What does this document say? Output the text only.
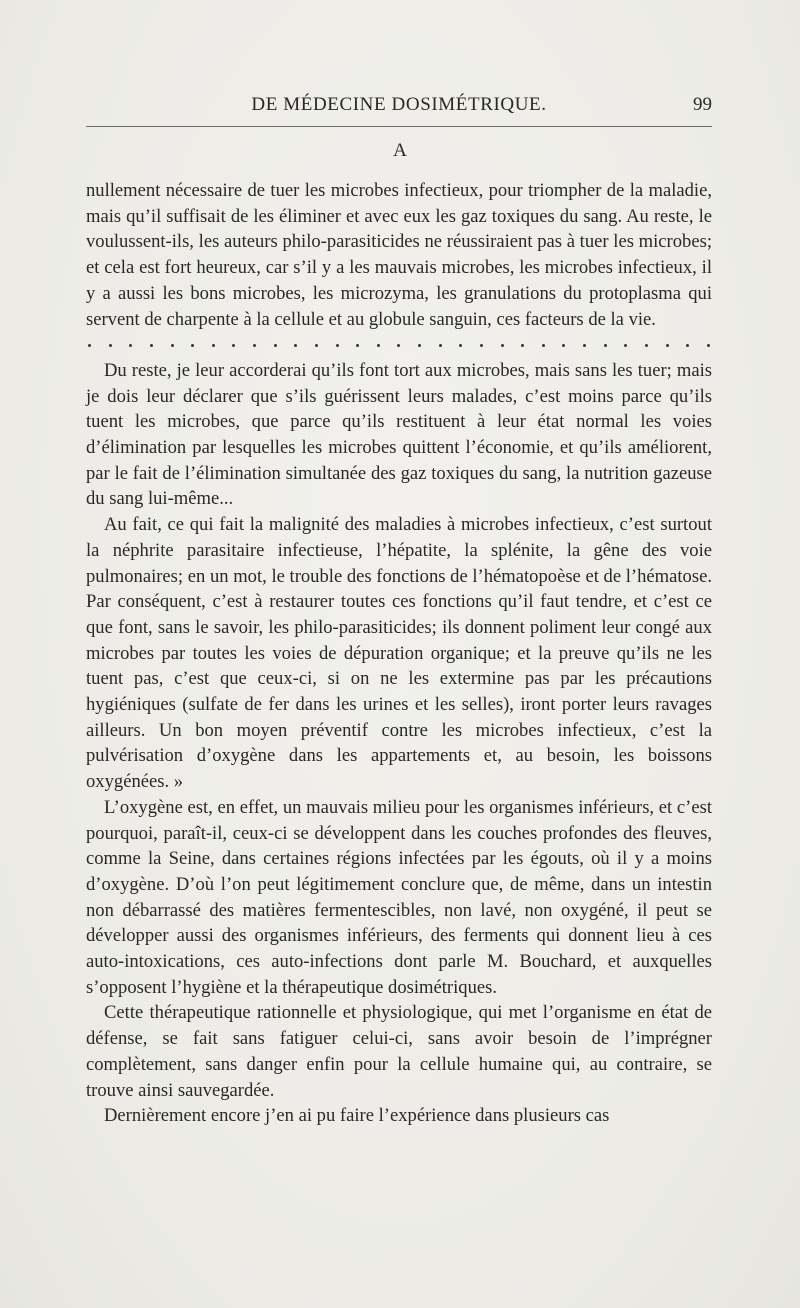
DE MÉDECINE DOSIMÉTRIQUE.	99
A

nullement nécessaire de tuer les microbes infectieux, pour triompher de la maladie, mais qu’il suffisait de les éliminer et avec eux les gaz toxiques du sang. Au reste, le voulussent-ils, les auteurs philo-parasiticides ne réussiraient pas à tuer les microbes; et cela est fort heureux, car s’il y a les mauvais microbes, les microbes infectieux, il y a aussi les bons microbes, les microzyma, les granulations du protoplasma qui servent de charpente à la cellule et au globule sanguin, ces facteurs de la vie.

Du reste, je leur accorderai qu’ils font tort aux microbes, mais sans les tuer; mais je dois leur déclarer que s’ils guérissent leurs malades, c’est moins parce qu’ils tuent les microbes, que parce qu’ils restituent à leur état normal les voies d’élimination par lesquelles les microbes quittent l’économie, et qu’ils améliorent, par le fait de l’élimination simultanée des gaz toxiques du sang, la nutrition gazeuse du sang lui-même...

Au fait, ce qui fait la malignité des maladies à microbes infectieux, c’est surtout la néphrite parasitaire infectieuse, l’hépatite, la splénite, la gêne des voie pulmonaires; en un mot, le trouble des fonctions de l’hématopoèse et de l’hématose. Par conséquent, c’est à restaurer toutes ces fonctions qu’il faut tendre, et c’est ce que font, sans le savoir, les philo-parasiticides; ils donnent poliment leur congé aux microbes par toutes les voies de dépuration organique; et la preuve qu’ils ne les tuent pas, c’est que ceux-ci, si on ne les extermine pas par les précautions hygiéniques (sulfate de fer dans les urines et les selles), iront porter leurs ravages ailleurs. Un bon moyen préventif contre les microbes infectieux, c’est la pulvérisation d’oxygène dans les appartements et, au besoin, les boissons oxygénées. »

L’oxygène est, en effet, un mauvais milieu pour les organismes inférieurs, et c’est pourquoi, paraît-il, ceux-ci se développent dans les couches profondes des fleuves, comme la Seine, dans certaines régions infectées par les égouts, où il y a moins d’oxygène. D’où l’on peut légitimement conclure que, de même, dans un intestin non débarrassé des matières fermentescibles, non lavé, non oxygéné, il peut se développer aussi des organismes inférieurs, des ferments qui donnent lieu à ces auto-intoxications, ces auto-infections dont parle M. Bouchard, et auxquelles s’opposent l’hygiène et la thérapeutique dosimétriques.

Cette thérapeutique rationnelle et physiologique, qui met l’organisme en état de défense, se fait sans fatiguer celui-ci, sans avoir besoin de l’imprégner complètement, sans danger enfin pour la cellule humaine qui, au contraire, se trouve ainsi sauvegardée.

Dernièrement encore j’en ai pu faire l’expérience dans plusieurs cas
